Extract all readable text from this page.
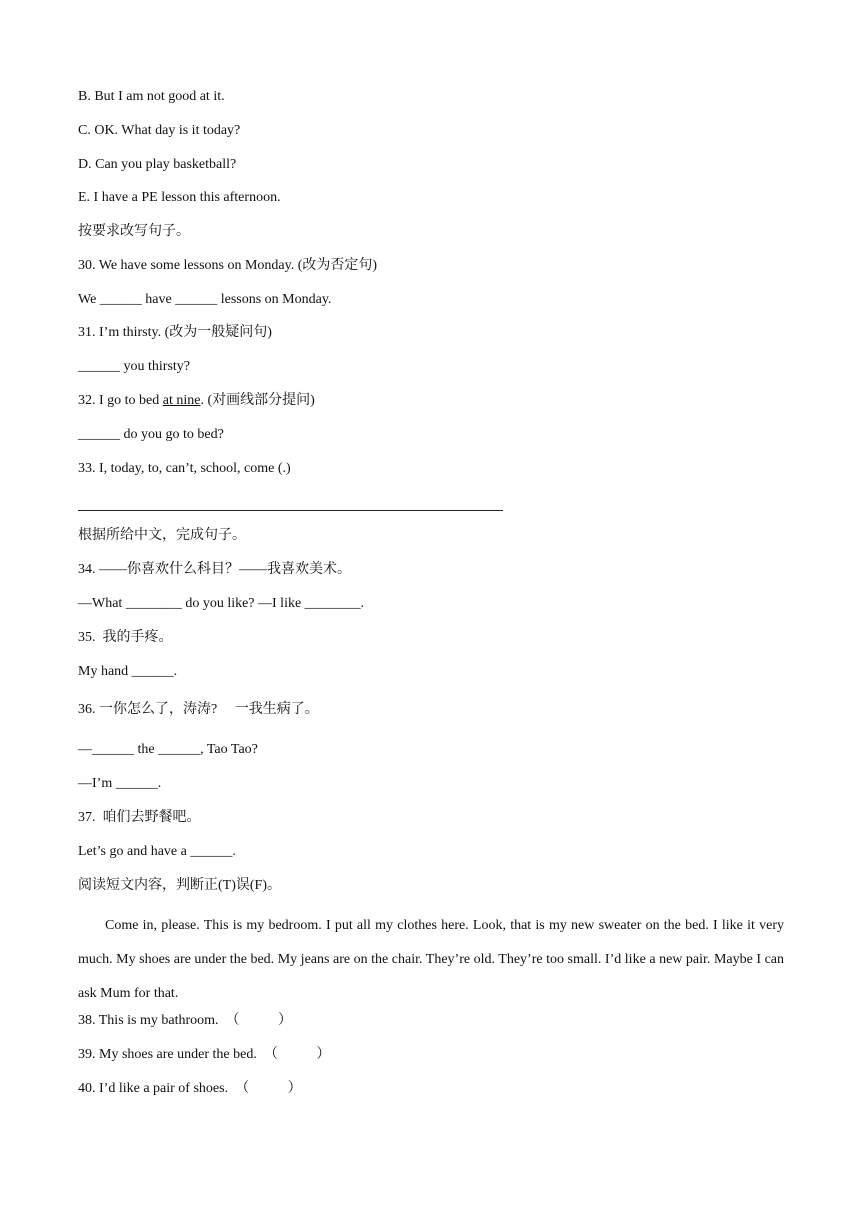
B. But I am not good at it.
C. OK. What day is it today?
D. Can you play basketball?
E. I have a PE lesson this afternoon.
按要求改写句子。
30. We have some lessons on Monday. (改为否定句)
We ______ have ______ lessons on Monday.
31. I’m thirsty. (改为一般疑问句)
______ you thirsty?
32. I go to bed at nine. (对画线部分提问)
______ do you go to bed?
33. I, today, to, can’t, school, come (.)
根据所给中文，完成句子。
34. ——你喜欢什么科目？——我喜欢美术。
—What ________ do you like? —I like ________.
35.  我的手疼。
My hand ______.
36. 一你怎么了，涛涛?     一我生病了。
—______ the ______, Tao Tao?
—I’m ______.
37.  咱们去野餐吧。
Let’s go and have a ______.
阅读短文内容，判断正(T)误(F)。
Come in, please. This is my bedroom. I put all my clothes here. Look, that is my new sweater on the bed. I like it very much. My shoes are under the bed. My jeans are on the chair. They’re old. They’re too small. I’d like a new pair. Maybe I can ask Mum for that.
38. This is my bathroom.  （           ）
39. My shoes are under the bed.  （           ）
40. I’d like a pair of shoes.  （           ）
